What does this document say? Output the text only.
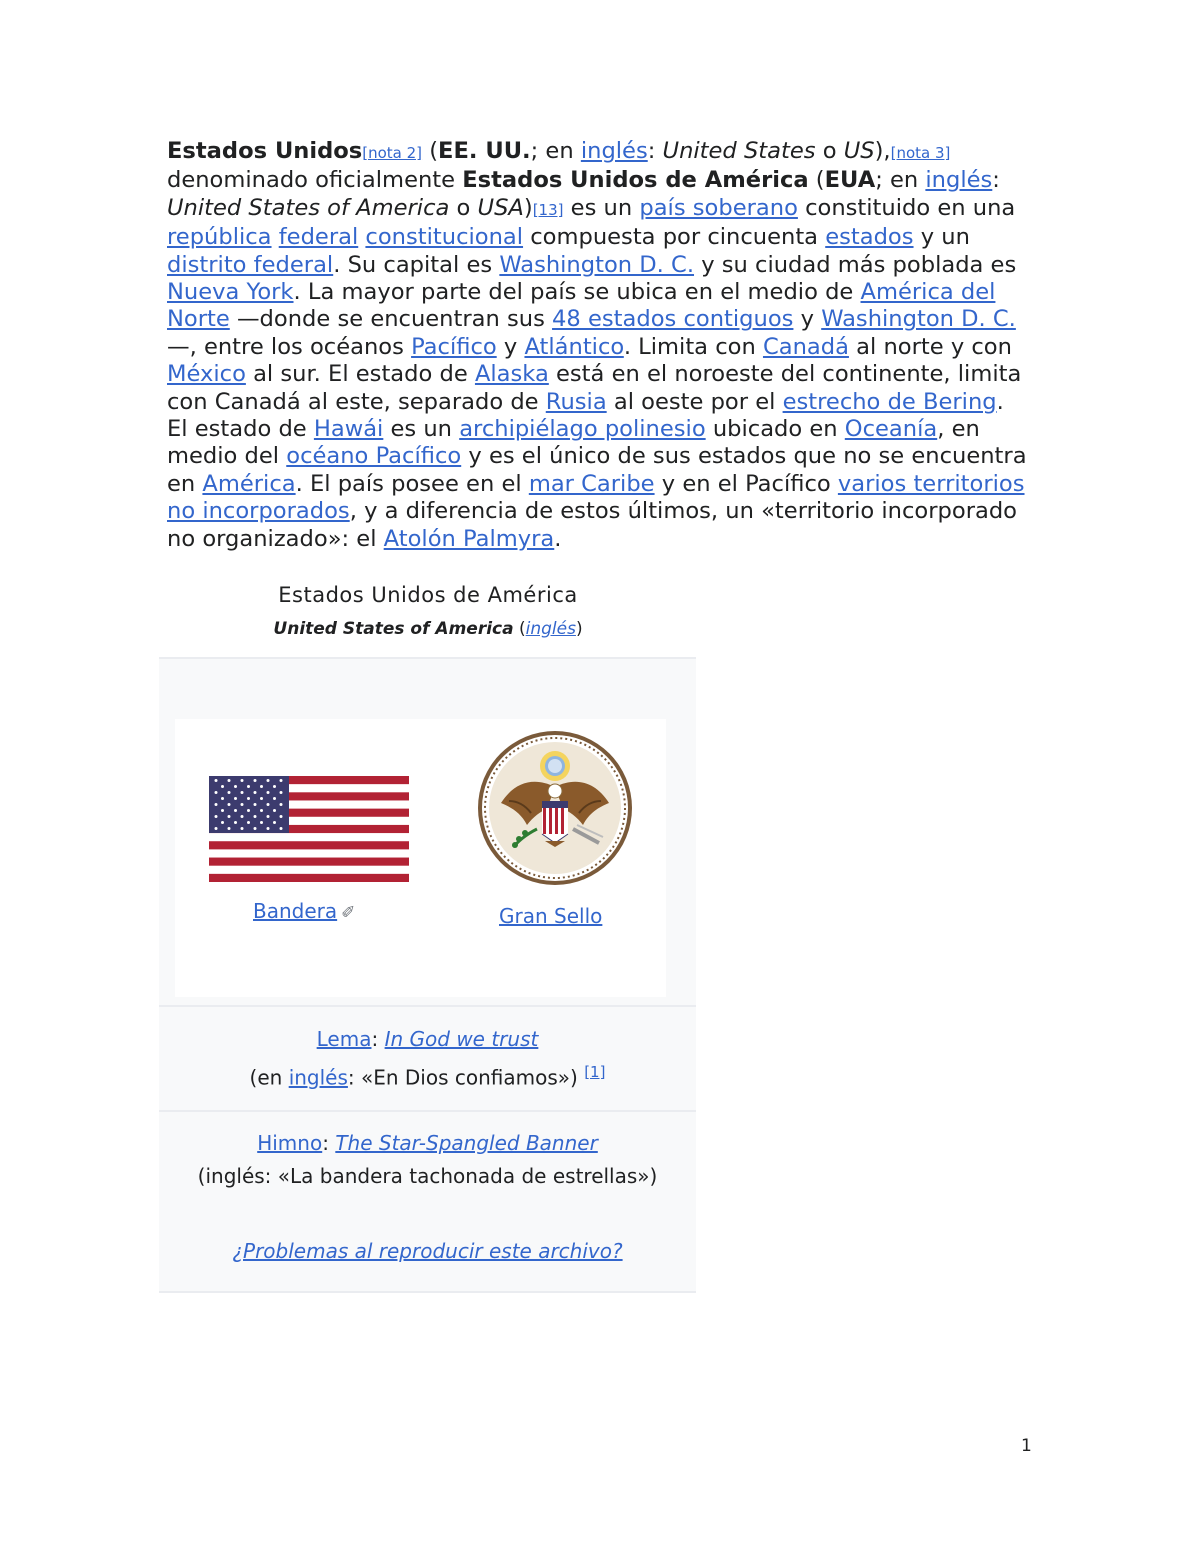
Estados Unidos[nota 2] (EE. UU.; en inglés: United States o US),[nota 3] denominado oficialmente Estados Unidos de América (EUA; en inglés: United States of America o USA)[13] es un país soberano constituido en una república federal constitucional compuesta por cincuenta estados y un distrito federal. Su capital es Washington D. C. y su ciudad más poblada es Nueva York. La mayor parte del país se ubica en el medio de América del Norte —donde se encuentran sus 48 estados contiguos y Washington D. C.—, entre los océanos Pacífico y Atlántico. Limita con Canadá al norte y con México al sur. El estado de Alaska está en el noroeste del continente, limita con Canadá al este, separado de Rusia al oeste por el estrecho de Bering. El estado de Hawái es un archipiélago polinesio ubicado en Oceanía, en medio del océano Pacífico y es el único de sus estados que no se encuentra en América. El país posee en el mar Caribe y en el Pacífico varios territorios no incorporados, y a diferencia de estos últimos, un «territorio incorporado no organizado»: el Atolón Palmyra.

Estados Unidos de América
United States of America (inglés)
Bandera ✐	Gran Sello
Lema: In God we trust
(en inglés: «En Dios confiamos») [1]
Himno: The Star-Spangled Banner
(inglés: «La bandera tachonada de estrellas»)
¿Problemas al reproducir este archivo?
1
